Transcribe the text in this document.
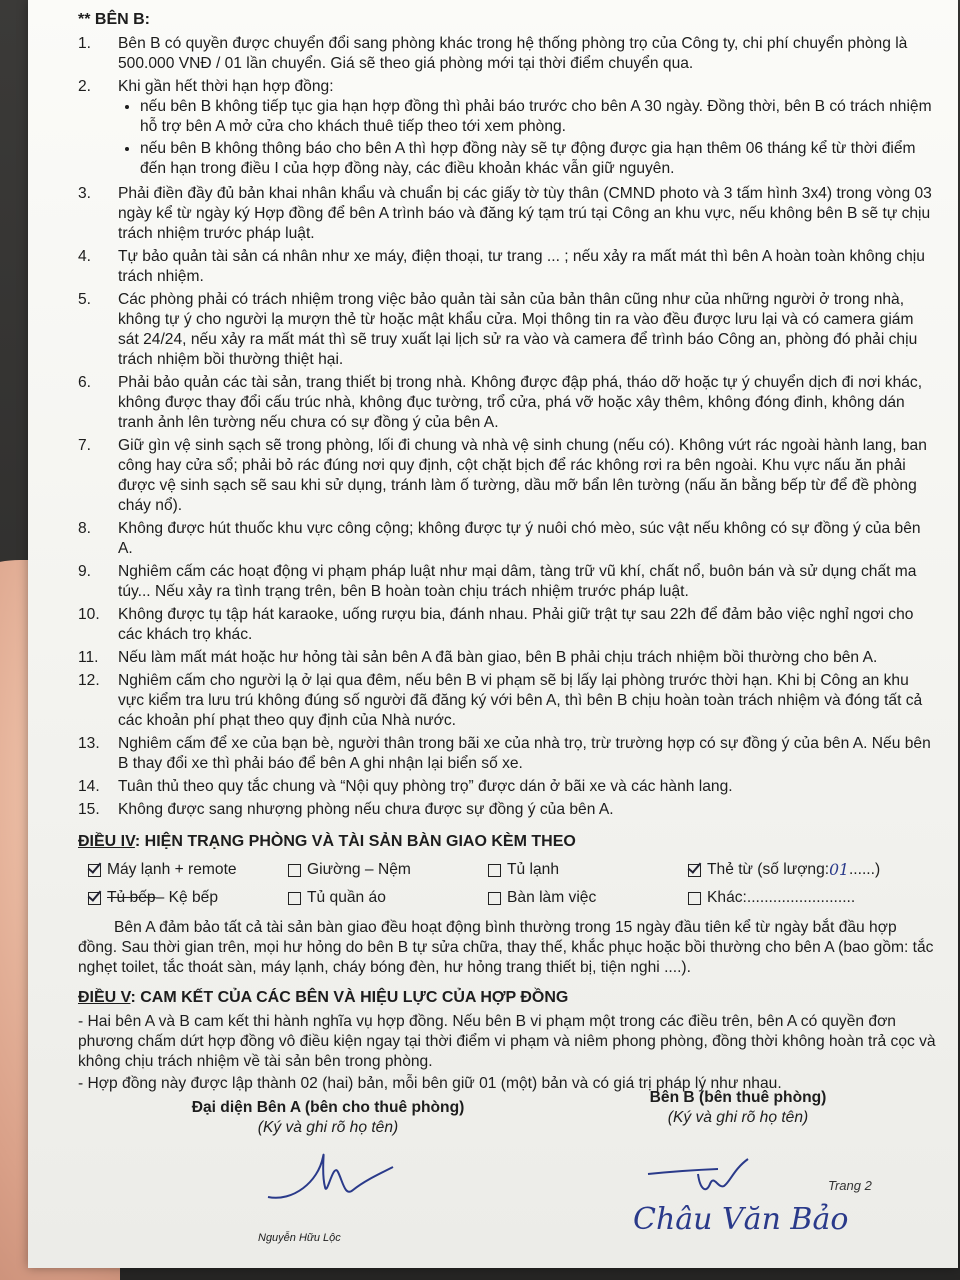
** BÊN B:
1.	Bên B có quyền được chuyển đổi sang phòng khác trong hệ thống phòng trọ của Công ty, chi phí chuyển phòng là 500.000 VNĐ / 01 lần chuyển. Giá sẽ theo giá phòng mới tại thời điểm chuyển qua.
2.	Khi gần hết thời hạn hợp đồng:
• nếu bên B không tiếp tục gia hạn hợp đồng thì phải báo trước cho bên A 30 ngày. Đồng thời, bên B có trách nhiệm hỗ trợ bên A mở cửa cho khách thuê tiếp theo tới xem phòng.
• nếu bên B không thông báo cho bên A thì hợp đồng này sẽ tự động được gia hạn thêm 06 tháng kể từ thời điểm đến hạn trong điều I của hợp đồng này, các điều khoản khác vẫn giữ nguyên.
3.	Phải điền đầy đủ bản khai nhân khẩu và chuẩn bị các giấy tờ tùy thân (CMND photo và 3 tấm hình 3x4) trong vòng 03 ngày kể từ ngày ký Hợp đồng để bên A trình báo và đăng ký tạm trú tại Công an khu vực, nếu không bên B sẽ tự chịu trách nhiệm trước pháp luật.
4.	Tự bảo quản tài sản cá nhân như xe máy, điện thoại, tư trang ... ; nếu xảy ra mất mát thì bên A hoàn toàn không chịu trách nhiệm.
5.	Các phòng phải có trách nhiệm trong việc bảo quản tài sản của bản thân cũng như của những người ở trong nhà, không tự ý cho người lạ mượn thẻ từ hoặc mật khẩu cửa. Mọi thông tin ra vào đều được lưu lại và có camera giám sát 24/24, nếu xảy ra mất mát thì sẽ truy xuất lại lịch sử ra vào và camera để trình báo Công an, phòng đó phải chịu trách nhiệm bồi thường thiệt hại.
6.	Phải bảo quản các tài sản, trang thiết bị trong nhà. Không được đập phá, tháo dỡ hoặc tự ý chuyển dịch đi nơi khác, không được thay đổi cấu trúc nhà, không đục tường, trổ cửa, phá vỡ hoặc xây thêm, không đóng đinh, không dán tranh ảnh lên tường nếu chưa có sự đồng ý của bên A.
7.	Giữ gìn vệ sinh sạch sẽ trong phòng, lối đi chung và nhà vệ sinh chung (nếu có). Không vứt rác ngoài hành lang, ban công hay cửa sổ; phải bỏ rác đúng nơi quy định, cột chặt bịch để rác không rơi ra bên ngoài. Khu vực nấu ăn phải được vệ sinh sạch sẽ sau khi sử dụng, tránh làm ố tường, dầu mỡ bẩn lên tường (nấu ăn bằng bếp từ để đề phòng cháy nổ).
8.	Không được hút thuốc khu vực công cộng; không được tự ý nuôi chó mèo, súc vật nếu không có sự đồng ý của bên A.
9.	Nghiêm cấm các hoạt động vi phạm pháp luật như mại dâm, tàng trữ vũ khí, chất nổ, buôn bán và sử dụng chất ma túy... Nếu xảy ra tình trạng trên, bên B hoàn toàn chịu trách nhiệm trước pháp luật.
10.	Không được tụ tập hát karaoke, uống rượu bia, đánh nhau. Phải giữ trật tự sau 22h để đảm bảo việc nghỉ ngơi cho các khách trọ khác.
11.	Nếu làm mất mát hoặc hư hỏng tài sản bên A đã bàn giao, bên B phải chịu trách nhiệm bồi thường cho bên A.
12.	Nghiêm cấm cho người lạ ở lại qua đêm, nếu bên B vi phạm sẽ bị lấy lại phòng trước thời hạn. Khi bị Công an khu vực kiểm tra lưu trú không đúng số người đã đăng ký với bên A, thì bên B chịu hoàn toàn trách nhiệm và đóng tất cả các khoản phí phạt theo quy định của Nhà nước.
13.	Nghiêm cấm để xe của bạn bè, người thân trong bãi xe của nhà trọ, trừ trường hợp có sự đồng ý của bên A. Nếu bên B thay đổi xe thì phải báo để bên A ghi nhận lại biển số xe.
14.	Tuân thủ theo quy tắc chung và “Nội quy phòng trọ” được dán ở bãi xe và các hành lang.
15.	Không được sang nhượng phòng nếu chưa được sự đồng ý của bên A.
ĐIỀU IV: HIỆN TRẠNG PHÒNG VÀ TÀI SẢN BÀN GIAO KÈM THEO
Máy lạnh + remote	Giường – Nệm	Tủ lạnh	Thẻ từ (số lượng: 01 ......)
Tủ bếp – Kệ bếp	Tủ quần áo	Bàn làm việc	Khác: .........................

Bên A đảm bảo tất cả tài sản bàn giao đều hoạt động bình thường trong 15 ngày đầu tiên kể từ ngày bắt đầu hợp đồng. Sau thời gian trên, mọi hư hỏng do bên B tự sửa chữa, thay thế, khắc phục hoặc bồi thường cho bên A (bao gồm: tắc nghẹt toilet, tắc thoát sàn, máy lạnh, cháy bóng đèn, hư hỏng trang thiết bị, tiện nghi ....).

ĐIỀU V: CAM KẾT CỦA CÁC BÊN VÀ HIỆU LỰC CỦA HỢP ĐỒNG

- Hai bên A và B cam kết thi hành nghĩa vụ hợp đồng. Nếu bên B vi phạm một trong các điều trên, bên A có quyền đơn phương chấm dứt hợp đồng vô điều kiện ngay tại thời điểm vi phạm và niêm phong phòng, đồng thời không hoàn trả cọc và không chịu trách nhiệm về tài sản bên trong phòng.

- Hợp đồng này được lập thành 02 (hai) bản, mỗi bên giữ 01 (một) bản và có giá trị pháp lý như nhau.

Đại diện Bên A (bên cho thuê phòng)
(Ký và ghi rõ họ tên)
Bên B (bên thuê phòng)
(Ký và ghi rõ họ tên)
Nguyễn Hữu Lộc
Châu Văn Bảo
Trang 2
